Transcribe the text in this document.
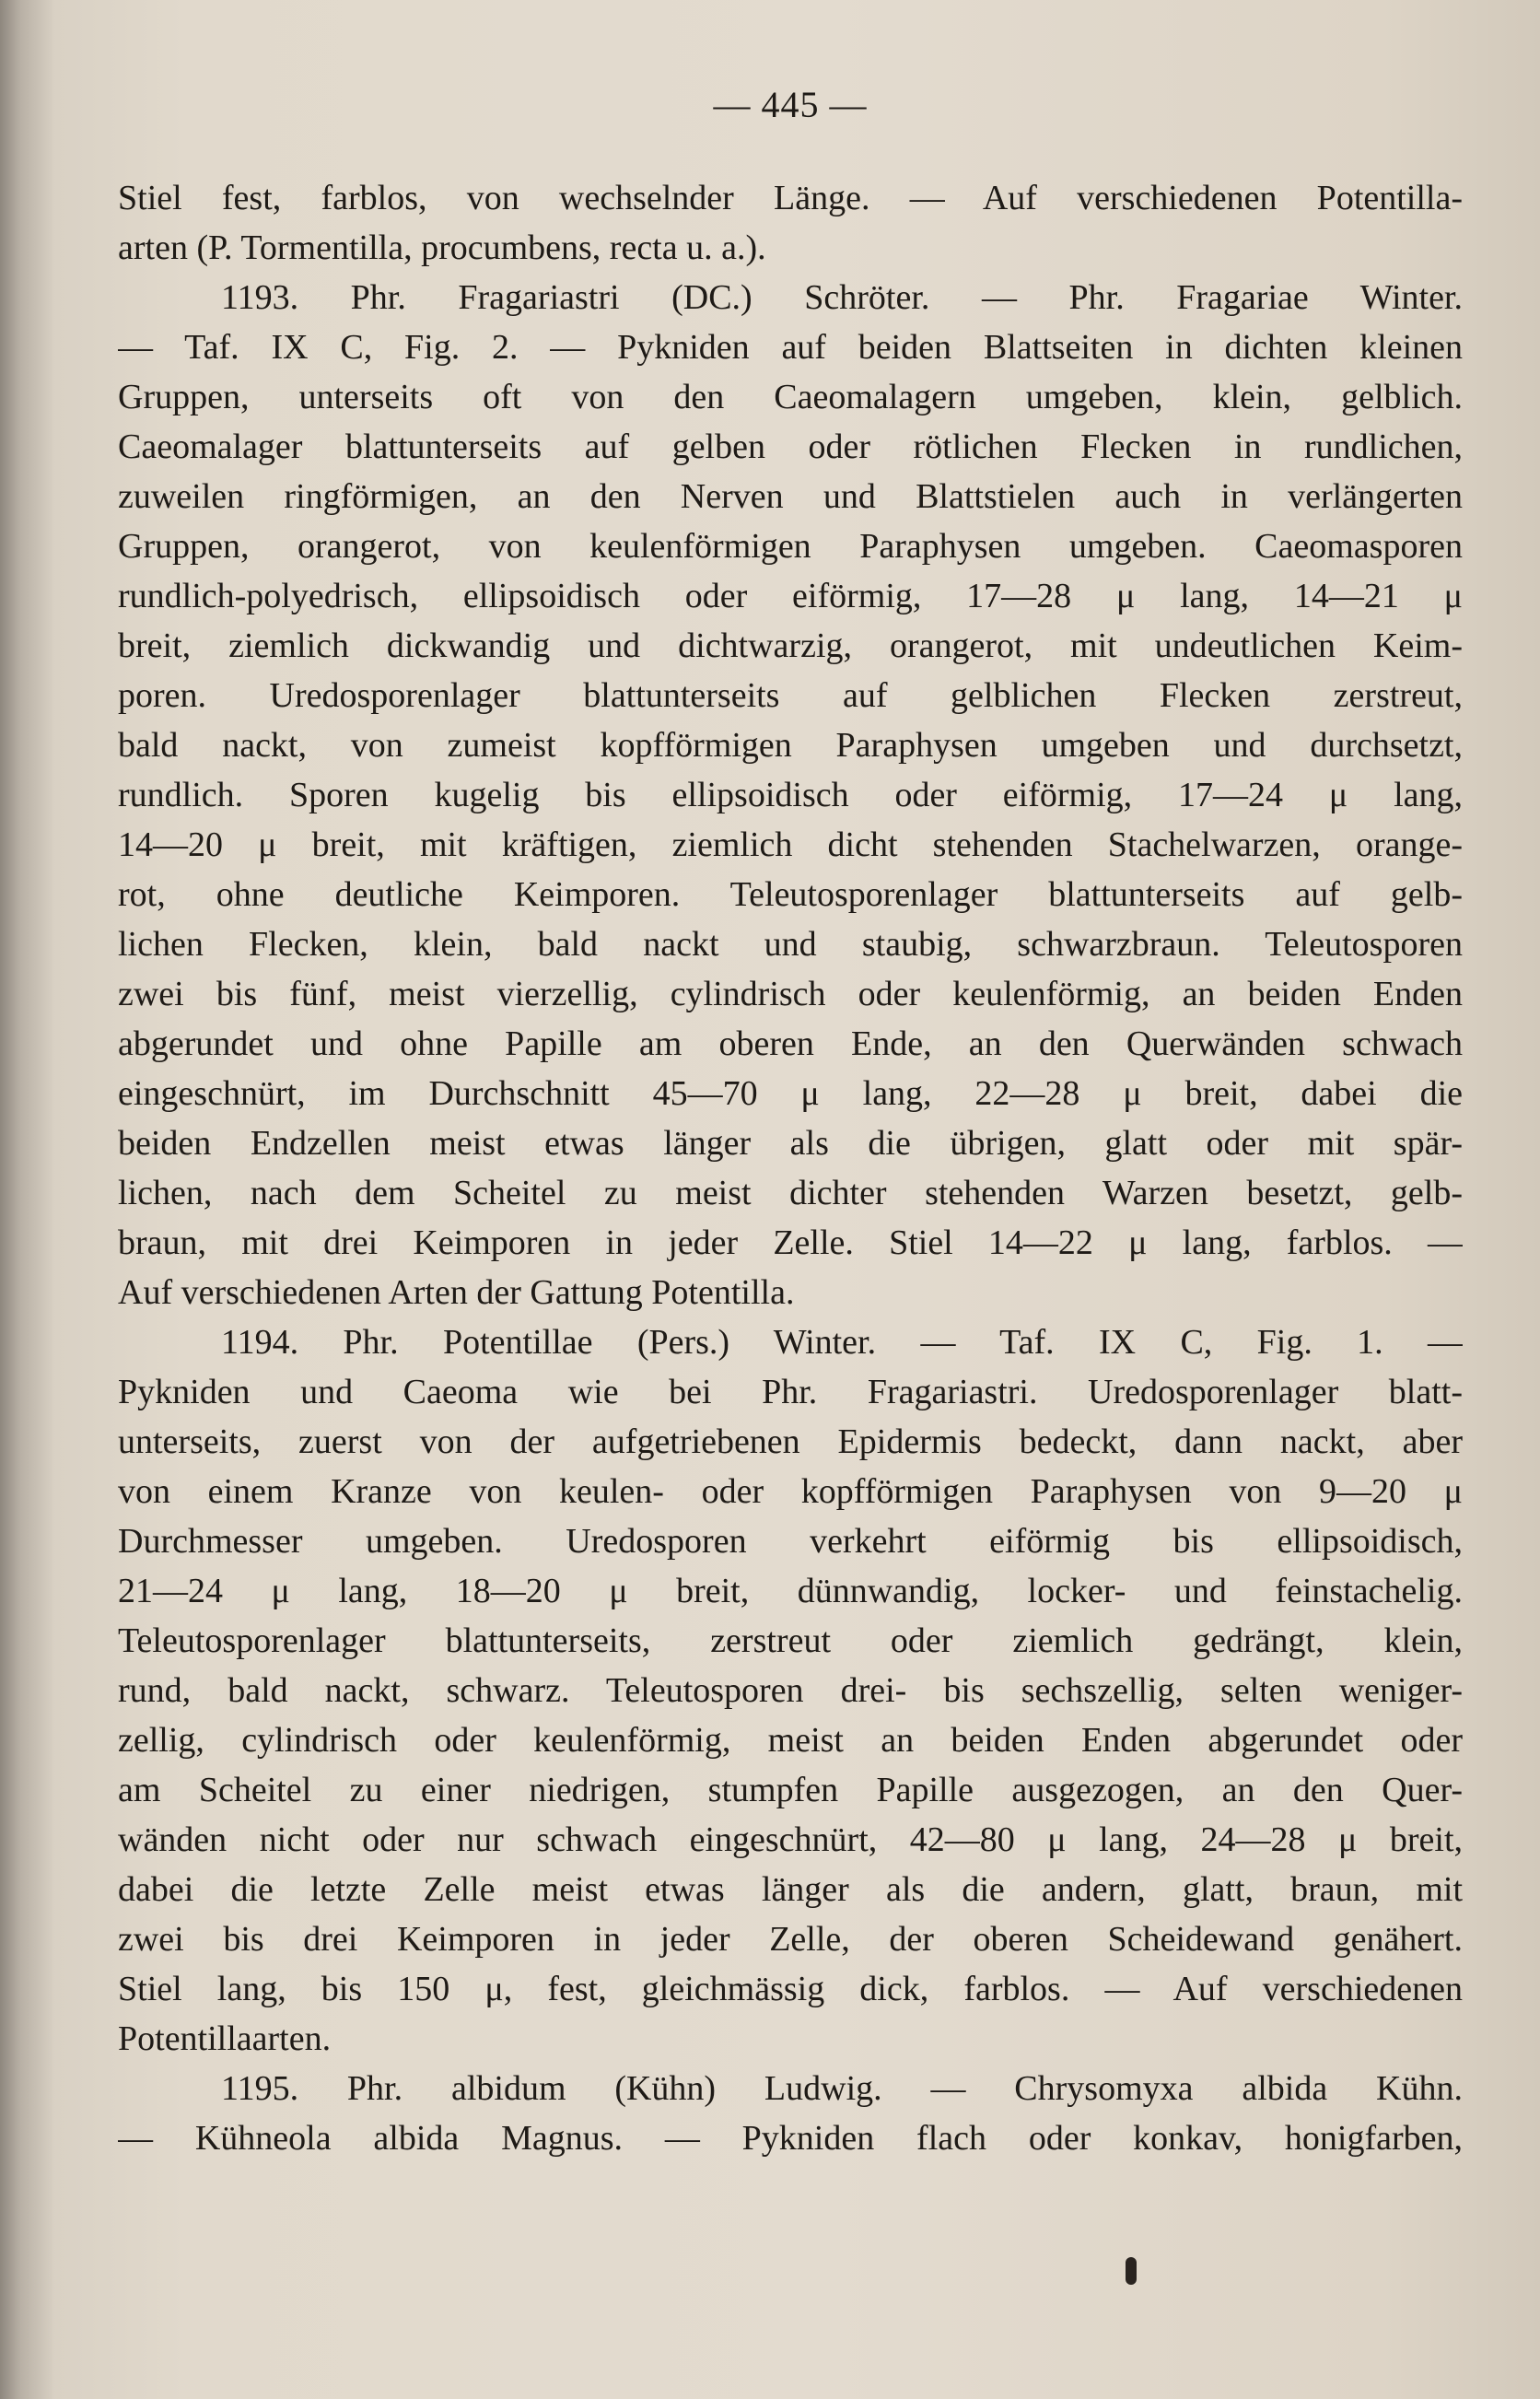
— 445 —
Stiel fest, farblos, von wechselnder Länge. — Auf verschiedenen Potentilla-
arten (P. Tormentilla, procumbens, recta u. a.).
1193. Phr. Fragariastri (DC.) Schröter. — Phr. Fragariae Winter.
— Taf. IX C, Fig. 2. — Pykniden auf beiden Blattseiten in dichten kleinen
Gruppen, unterseits oft von den Caeomalagern umgeben, klein, gelblich.
Caeomalager blattunterseits auf gelben oder rötlichen Flecken in rundlichen,
zuweilen ringförmigen, an den Nerven und Blattstielen auch in verlängerten
Gruppen, orangerot, von keulenförmigen Paraphysen umgeben. Caeomasporen
rundlich-polyedrisch, ellipsoidisch oder eiförmig, 17—28 μ lang, 14—21 μ
breit, ziemlich dickwandig und dichtwarzig, orangerot, mit undeutlichen Keim-
poren. Uredosporenlager blattunterseits auf gelblichen Flecken zerstreut,
bald nackt, von zumeist kopfförmigen Paraphysen umgeben und durchsetzt,
rundlich. Sporen kugelig bis ellipsoidisch oder eiförmig, 17—24 μ lang,
14—20 μ breit, mit kräftigen, ziemlich dicht stehenden Stachelwarzen, orange-
rot, ohne deutliche Keimporen. Teleutosporenlager blattunterseits auf gelb-
lichen Flecken, klein, bald nackt und staubig, schwarzbraun. Teleutosporen
zwei bis fünf, meist vierzellig, cylindrisch oder keulenförmig, an beiden Enden
abgerundet und ohne Papille am oberen Ende, an den Querwänden schwach
eingeschnürt, im Durchschnitt 45—70 μ lang, 22—28 μ breit, dabei die
beiden Endzellen meist etwas länger als die übrigen, glatt oder mit spär-
lichen, nach dem Scheitel zu meist dichter stehenden Warzen besetzt, gelb-
braun, mit drei Keimporen in jeder Zelle. Stiel 14—22 μ lang, farblos. —
Auf verschiedenen Arten der Gattung Potentilla.
1194. Phr. Potentillae (Pers.) Winter. — Taf. IX C, Fig. 1. —
Pykniden und Caeoma wie bei Phr. Fragariastri. Uredosporenlager blatt-
unterseits, zuerst von der aufgetriebenen Epidermis bedeckt, dann nackt, aber
von einem Kranze von keulen- oder kopfförmigen Paraphysen von 9—20 μ
Durchmesser umgeben. Uredosporen verkehrt eiförmig bis ellipsoidisch,
21—24 μ lang, 18—20 μ breit, dünnwandig, locker- und feinstachelig.
Teleutosporenlager blattunterseits, zerstreut oder ziemlich gedrängt, klein,
rund, bald nackt, schwarz. Teleutosporen drei- bis sechszellig, selten weniger-
zellig, cylindrisch oder keulenförmig, meist an beiden Enden abgerundet oder
am Scheitel zu einer niedrigen, stumpfen Papille ausgezogen, an den Quer-
wänden nicht oder nur schwach eingeschnürt, 42—80 μ lang, 24—28 μ breit,
dabei die letzte Zelle meist etwas länger als die andern, glatt, braun, mit
zwei bis drei Keimporen in jeder Zelle, der oberen Scheidewand genähert.
Stiel lang, bis 150 μ, fest, gleichmässig dick, farblos. — Auf verschiedenen
Potentillaarten.
1195. Phr. albidum (Kühn) Ludwig. — Chrysomyxa albida Kühn.
— Kühneola albida Magnus. — Pykniden flach oder konkav, honigfarben,
